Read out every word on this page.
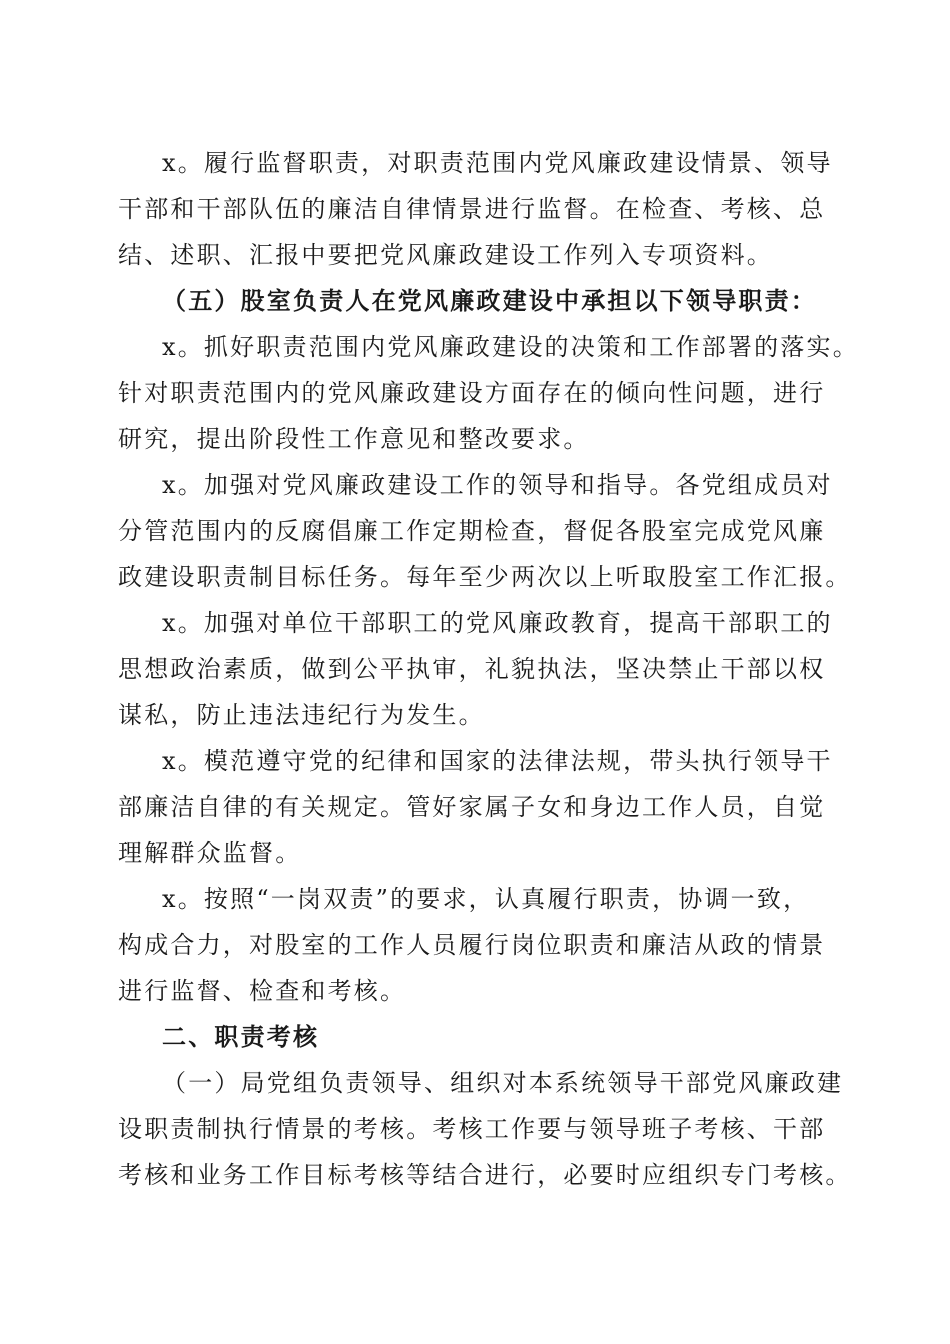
x。履行监督职责，对职责范围内党风廉政建设情景、领导
干部和干部队伍的廉洁自律情景进行监督。在检查、考核、总
结、述职、汇报中要把党风廉政建设工作列入专项资料。
（五）股室负责人在党风廉政建设中承担以下领导职责：
x。抓好职责范围内党风廉政建设的决策和工作部署的落实。
针对职责范围内的党风廉政建设方面存在的倾向性问题，进行
研究，提出阶段性工作意见和整改要求。
x。加强对党风廉政建设工作的领导和指导。各党组成员对
分管范围内的反腐倡廉工作定期检查，督促各股室完成党风廉
政建设职责制目标任务。每年至少两次以上听取股室工作汇报。
x。加强对单位干部职工的党风廉政教育，提高干部职工的
思想政治素质，做到公平执审，礼貌执法，坚决禁止干部以权
谋私，防止违法违纪行为发生。
x。模范遵守党的纪律和国家的法律法规，带头执行领导干
部廉洁自律的有关规定。管好家属子女和身边工作人员，自觉
理解群众监督。
x。按照“一岗双责”的要求，认真履行职责，协调一致，
构成合力，对股室的工作人员履行岗位职责和廉洁从政的情景
进行监督、检查和考核。
二、职责考核
（一）局党组负责领导、组织对本系统领导干部党风廉政建
设职责制执行情景的考核。考核工作要与领导班子考核、干部
考核和业务工作目标考核等结合进行，必要时应组织专门考核。
